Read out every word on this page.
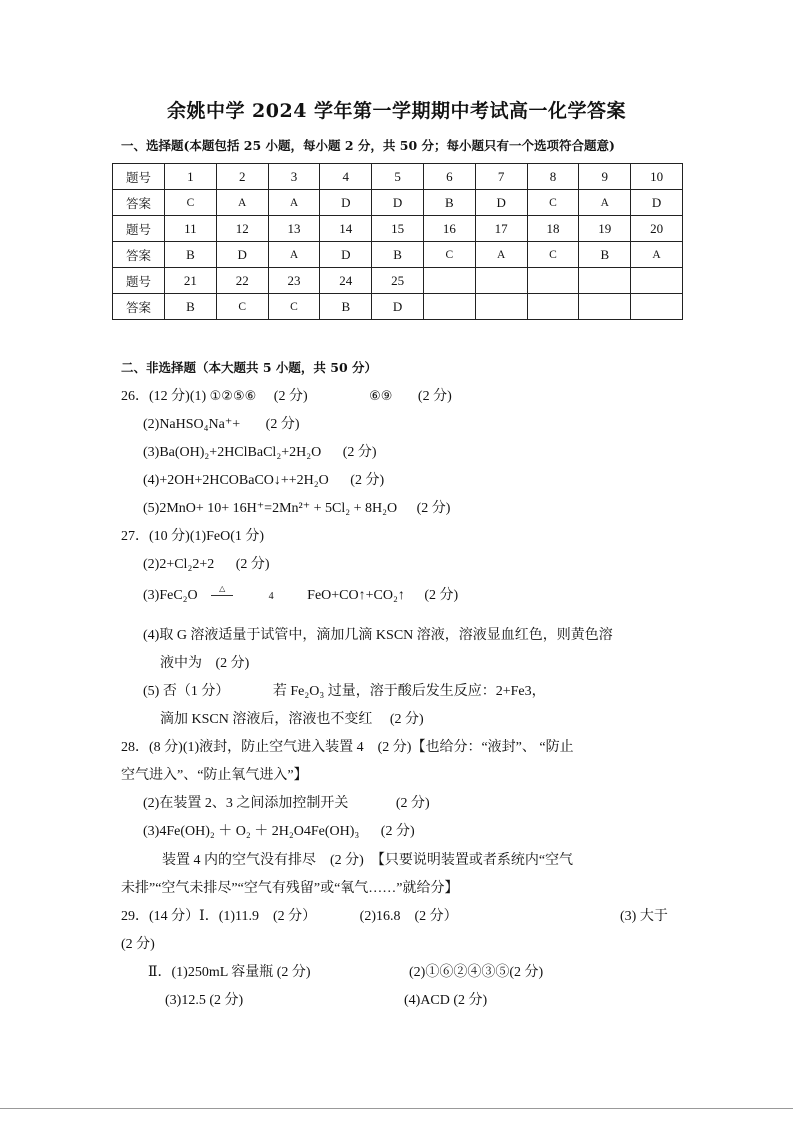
余姚中学 2024 学年第一学期期中考试高一化学答案
一、选择题(本题包括 25 小题，每小题 2 分，共 50 分；每小题只有一个选项符合题意)
题号	1	2	3	4	5	6	7	8	9	10
答案	C	A	A	D	D	B	D	C	A	D
题号	11	12	13	14	15	16	17	18	19	20
答案	B	D	A	D	B	C	A	C	B	A
题号	21	22	23	24	25					
答案	B	C	C	B	D					
二、非选择题（本大题共 5 小题，共 50 分）
26．(12 分)(1) ①②⑤⑥ (2 分)	⑥⑨ (2 分)
(2)NaHSO₄Na⁺+ (2 分)
(3)Ba(OH)₂+2HClBaCl₂+2H₂O (2 分)
(4)+2OH+2HCOBaCO↓++2H₂O (2 分)
(5)2MnO+ 10+ 16H⁺=2Mn²⁺ + 5Cl₂ + 8H₂O (2 分)
27．(10 分)(1)FeO(1 分)
(2)2+Cl₂2+2 (2 分)
(3)FeC₂O	△ 4 FeO+CO↑+CO₂↑ (2 分)
(4)取 G 溶液适量于试管中，滴加几滴 KSCN 溶液，溶液显血红色，则黄色溶
液中为 (2 分)
(5) 否（1 分）	若 Fe₂O₃ 过量，溶于酸后发生反应：2+Fe3，
滴加 KSCN 溶液后，溶液也不变红 (2 分)
28．(8 分)(1)液封，防止空气进入装置 4　(2 分)【也给分：“液封”、 “防止
空气进入”、“防止氧气进入”】
(2)在装置 2、3 之间添加控制开关	(2 分)
(3)4Fe(OH)₂ ＋ O₂ ＋ 2H₂O4Fe(OH)₃ (2 分)
装置 4 内的空气没有排尽　(2 分)　【只要说明装置或者系统内“空气
未排”“空气未排尽”“空气有残留”或“氧气……”就给分】
29．(14 分）Ⅰ．(1)11.9　(2 分）	(2)16.8　(2 分）	(3) 大于
(2 分)
Ⅱ．(1)250mL 容量瓶 (2 分)	(2)①⑥②④③⑤(2 分)
(3)12.5 (2 分)	(4)ACD (2 分)
